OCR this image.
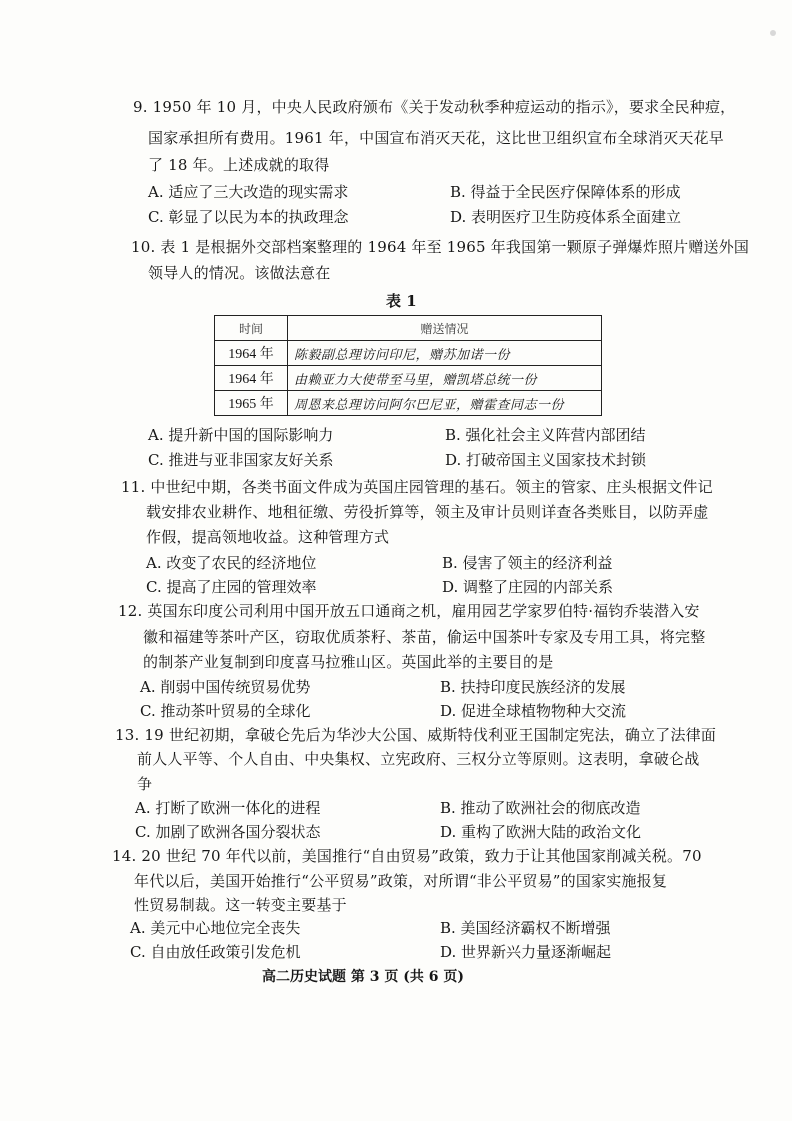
9. 1950 年 10 月，中央人民政府颁布《关于发动秋季种痘运动的指示》，要求全民种痘，
国家承担所有费用。1961 年，中国宣布消灭天花，这比世卫组织宣布全球消灭天花早
了 18 年。上述成就的取得
A. 适应了三大改造的现实需求	B. 得益于全民医疗保障体系的形成
C. 彰显了以民为本的执政理念	D. 表明医疗卫生防疫体系全面建立
10. 表 1 是根据外交部档案整理的 1964 年至 1965 年我国第一颗原子弹爆炸照片赠送外国
领导人的情况。该做法意在
表 1
时间	赠送情况
1964 年	陈毅副总理访问印尼，赠苏加诺一份
1964 年	由赖亚力大使带至马里，赠凯塔总统一份
1965 年	周恩来总理访问阿尔巴尼亚，赠霍查同志一份
A. 提升新中国的国际影响力	B. 强化社会主义阵营内部团结
C. 推进与亚非国家友好关系	D. 打破帝国主义国家技术封锁
11. 中世纪中期，各类书面文件成为英国庄园管理的基石。领主的管家、庄头根据文件记
载安排农业耕作、地租征缴、劳役折算等，领主及审计员则详查各类账目，以防弄虚
作假，提高领地收益。这种管理方式
A. 改变了农民的经济地位	B. 侵害了领主的经济利益
C. 提高了庄园的管理效率	D. 调整了庄园的内部关系
12. 英国东印度公司利用中国开放五口通商之机，雇用园艺学家罗伯特·福钧乔装潜入安
徽和福建等茶叶产区，窃取优质茶籽、茶苗，偷运中国茶叶专家及专用工具，将完整
的制茶产业复制到印度喜马拉雅山区。英国此举的主要目的是
A. 削弱中国传统贸易优势	B. 扶持印度民族经济的发展
C. 推动茶叶贸易的全球化	D. 促进全球植物物种大交流
13. 19 世纪初期，拿破仑先后为华沙大公国、威斯特伐利亚王国制定宪法，确立了法律面
前人人平等、个人自由、中央集权、立宪政府、三权分立等原则。这表明，拿破仑战
争
A. 打断了欧洲一体化的进程	B. 推动了欧洲社会的彻底改造
C. 加剧了欧洲各国分裂状态	D. 重构了欧洲大陆的政治文化
14. 20 世纪 70 年代以前，美国推行“自由贸易”政策，致力于让其他国家削减关税。70
年代以后，美国开始推行“公平贸易”政策，对所谓“非公平贸易”的国家实施报复
性贸易制裁。这一转变主要基于
A. 美元中心地位完全丧失	B. 美国经济霸权不断增强
C. 自由放任政策引发危机	D. 世界新兴力量逐渐崛起
高二历史试题 第 3 页 (共 6 页)
